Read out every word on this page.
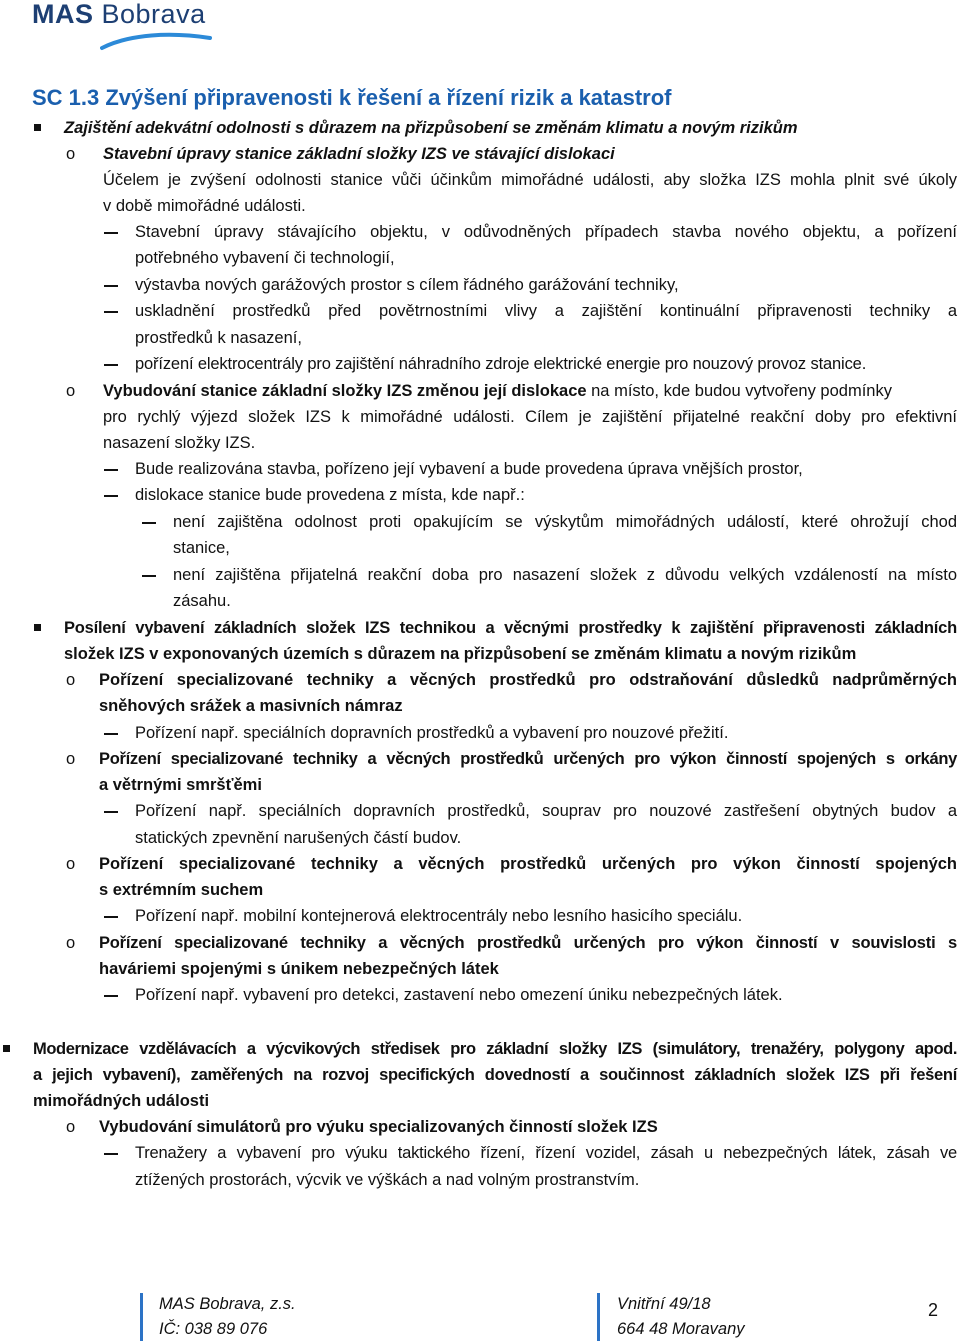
MAS Bobrava
SC 1.3 Zvýšení připravenosti k řešení a řízení rizik a katastrof
Zajištění adekvátní odolnosti s důrazem na přizpůsobení se změnám klimatu a novým rizikům
o Stavební úpravy stanice základní složky IZS ve stávající dislokaci
Účelem je zvýšení odolnosti stanice vůči účinkům mimořádné události, aby složka IZS mohla plnit své úkoly
v době mimořádné události.
Stavební úpravy stávajícího objektu, v odůvodněných případech stavba nového objektu, a pořízení
potřebného vybavení či technologií,
výstavba nových garážových prostor s cílem řádného garážování techniky,
uskladnění prostředků před povětrnostními vlivy a zajištění kontinuální připravenosti techniky a
prostředků k nasazení,
pořízení elektrocentrály pro zajištění náhradního zdroje elektrické energie pro nouzový provoz stanice.
o Vybudování stanice základní složky IZS změnou její dislokace na místo, kde budou vytvořeny podmínky
pro rychlý výjezd složek IZS k mimořádné události. Cílem je zajištění přijatelné reakční doby pro efektivní
nasazení složky IZS.
Bude realizována stavba, pořízeno její vybavení a bude provedena úprava vnějších prostor,
dislokace stanice bude provedena z místa, kde např.:
není zajištěna odolnost proti opakujícím se výskytům mimořádných událostí, které ohrožují chod
stanice,
není zajištěna přijatelná reakční doba pro nasazení složek z důvodu velkých vzdáleností na místo
zásahu.
Posílení vybavení základních složek IZS technikou a věcnými prostředky k zajištění připravenosti základních
složek IZS v exponovaných územích s důrazem na přizpůsobení se změnám klimatu a novým rizikům
o Pořízení specializované techniky a věcných prostředků pro odstraňování důsledků nadprůměrných
sněhových srážek a masivních námraz
Pořízení např. speciálních dopravních prostředků a vybavení pro nouzové přežití.
o Pořízení specializované techniky a věcných prostředků určených pro výkon činností spojených s orkány
a větrnými smršťěmi
Pořízení např. speciálních dopravních prostředků, souprav pro nouzové zastřešení obytných budov a
statických zpevnění narušených částí budov.
o Pořízení specializované techniky a věcných prostředků určených pro výkon činností spojených
s extrémním suchem
Pořízení např. mobilní kontejnerová elektrocentrály nebo lesního hasicího speciálu.
o Pořízení specializované techniky a věcných prostředků určených pro výkon činností v souvislosti s
haváriemi spojenými s únikem nebezpečných látek
Pořízení např. vybavení pro detekci, zastavení nebo omezení úniku nebezpečných látek.
Modernizace vzdělávacích a výcvikových středisek pro základní složky IZS (simulátory, trenažéry, polygony apod.
a jejich vybavení), zaměřených na rozvoj specifických dovedností a součinnost základních složek IZS při řešení
mimořádných události
o Vybudování simulátorů pro výuku specializovaných činností složek IZS
Trenažery a vybavení pro výuku taktického řízení, řízení vozidel, zásah u nebezpečných látek, zásah ve
ztížených prostorách, výcvik ve výškách a nad volným prostranstvím.
MAS Bobrava, z.s.
IČ: 038 89 076
Vnitřní 49/18
664 48 Moravany
2
